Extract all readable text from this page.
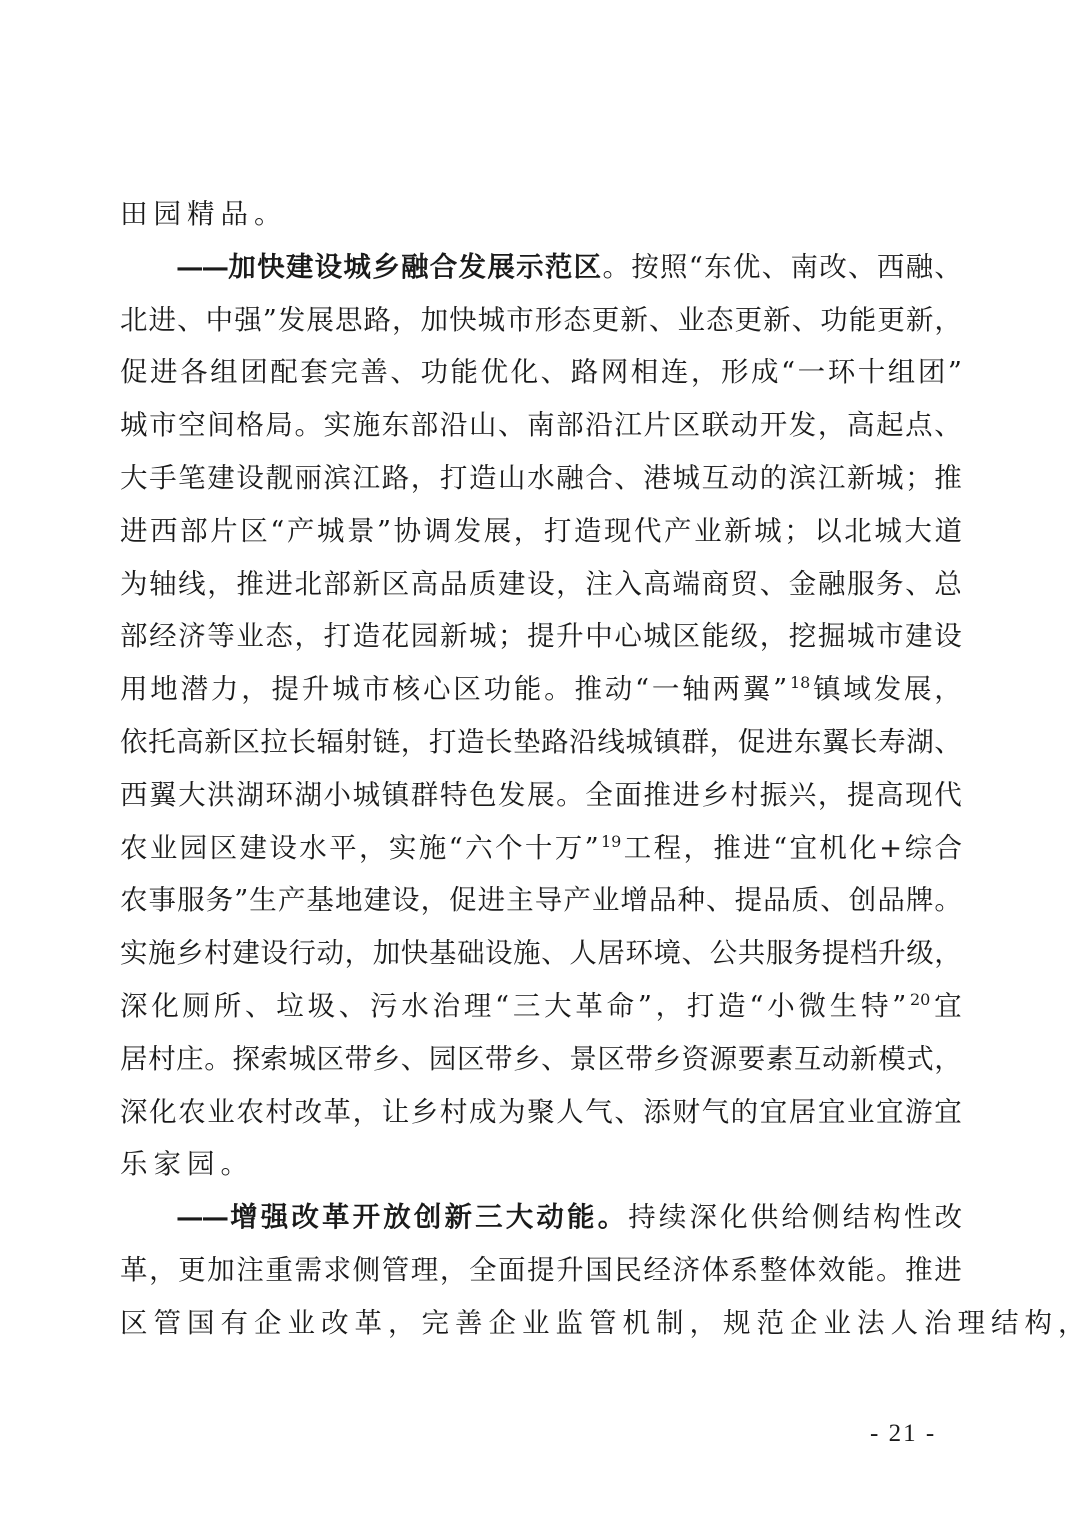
田 园 精 品 。
—— 加 快 建 设 城 乡 融 合 发 展 示 范 区 。 按 照 “ 东 优 、 南 改 、 西 融 、
北 进 、 中 强 ” 发 展 思 路 ， 加 快 城 市 形 态 更 新 、 业 态 更 新 、 功 能 更 新 ，
促 进 各 组 团 配 套 完 善 、 功 能 优 化 、 路 网 相 连 ， 形 成 “ 一 环 十 组 团 ”
城 市 空 间 格 局 。 实 施 东 部 沿 山 、 南 部 沿 江 片 区 联 动 开 发 ， 高 起 点 、
大 手 笔 建 设 靓 丽 滨 江 路 ， 打 造 山 水 融 合 、 港 城 互 动 的 滨 江 新 城 ； 推
进 西 部 片 区 “ 产 城 景 ” 协 调 发 展 ， 打 造 现 代 产 业 新 城 ； 以 北 城 大 道
为 轴 线 ， 推 进 北 部 新 区 高 品 质 建 设 ， 注 入 高 端 商 贸 、 金 融 服 务 、 总
部 经 济 等 业 态 ， 打 造 花 园 新 城 ； 提 升 中 心 城 区 能 级 ， 挖 掘 城 市 建 设
用 地 潜 力 ， 提 升 城 市 核 心 区 功 能 。 推 动 “ 一 轴 两 翼 ” $^{18}$ 镇 域 发 展 ，
依 托 高 新 区 拉 长 辐 射 链 ， 打 造 长 垫 路 沿 线 城 镇 群 ， 促 进 东 翼 长 寿 湖 、
西 翼 大 洪 湖 环 湖 小 城 镇 群 特 色 发 展 。 全 面 推 进 乡 村 振 兴 ， 提 高 现 代
农 业 园 区 建 设 水 平 ， 实 施 “ 六 个 十 万 ” $^{19}$ 工 程 ， 推 进 “ 宜 机 化 + 综 合
农 事 服 务 ” 生 产 基 地 建 设 ， 促 进 主 导 产 业 增 品 种 、 提 品 质 、 创 品 牌 。
实 施 乡 村 建 设 行 动 ， 加 快 基 础 设 施 、 人 居 环 境 、 公 共 服 务 提 档 升 级 ，
深 化 厕 所 、 垃 圾 、 污 水 治 理 “ 三 大 革 命 ” ， 打 造 “ 小 微 生 特 ” $^{20}$ 宜
居 村 庄 。 探 索 城 区 带 乡 、 园 区 带 乡 、 景 区 带 乡 资 源 要 素 互 动 新 模 式 ，
深 化 农 业 农 村 改 革 ， 让 乡 村 成 为 聚 人 气 、 添 财 气 的 宜 居 宜 业 宜 游 宜
乐 家 园 。
—— 增 强 改 革 开 放 创 新 三 大 动 能 。 持 续 深 化 供 给 侧 结 构 性 改
革 ， 更 加 注 重 需 求 侧 管 理 ， 全 面 提 升 国 民 经 济 体 系 整 体 效 能 。 推 进
区 管 国 有 企 业 改 革 ， 完 善 企 业 监 管 机 制 ， 规 范 企 业 法 人 治 理 结 构 ，
- 21 -
